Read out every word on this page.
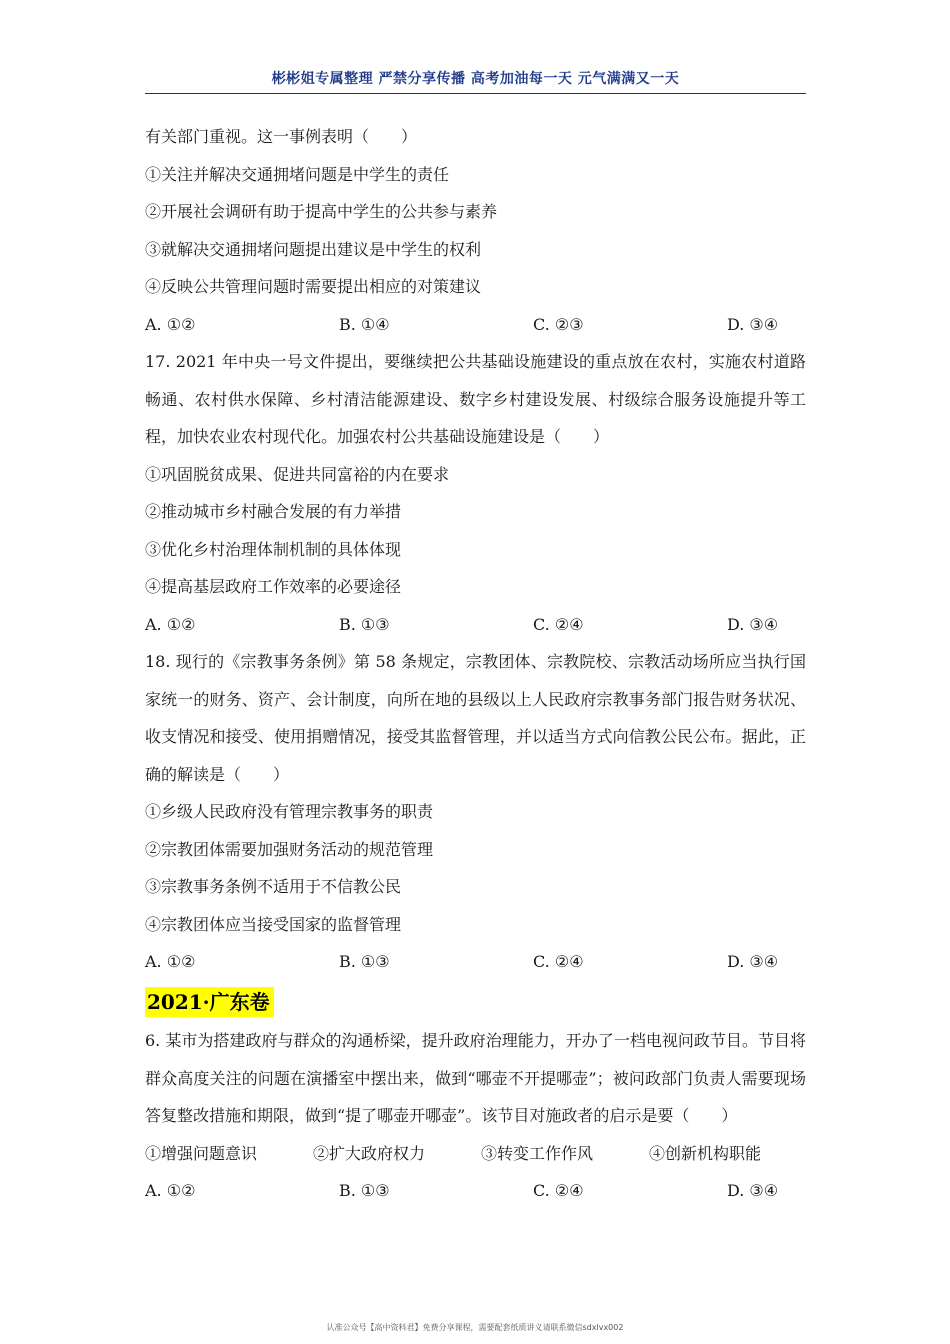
彬彬姐专属整理 严禁分享传播 高考加油每一天 元气满满又一天
有关部门重视。这一事例表明（　　）
①关注并解决交通拥堵问题是中学生的责任
②开展社会调研有助于提高中学生的公共参与素养
③就解决交通拥堵问题提出建议是中学生的权利
④反映公共管理问题时需要提出相应的对策建议
A. ①②	B. ①④	C. ②③	D. ③④
17. 2021 年中央一号文件提出，要继续把公共基础设施建设的重点放在农村，实施农村道路畅通、农村供水保障、乡村清洁能源建设、数字乡村建设发展、村级综合服务设施提升等工程，加快农业农村现代化。加强农村公共基础设施建设是（　　）
①巩固脱贫成果、促进共同富裕的内在要求
②推动城市乡村融合发展的有力举措
③优化乡村治理体制机制的具体体现
④提高基层政府工作效率的必要途径
A. ①②	B. ①③	C. ②④	D. ③④
18. 现行的《宗教事务条例》第 58 条规定，宗教团体、宗教院校、宗教活动场所应当执行国家统一的财务、资产、会计制度，向所在地的县级以上人民政府宗教事务部门报告财务状况、收支情况和接受、使用捐赠情况，接受其监督管理，并以适当方式向信教公民公布。据此，正确的解读是（　　）
①乡级人民政府没有管理宗教事务的职责
②宗教团体需要加强财务活动的规范管理
③宗教事务条例不适用于不信教公民
④宗教团体应当接受国家的监督管理
A. ①②	B. ①③	C. ②④	D. ③④
2021·广东卷
6. 某市为搭建政府与群众的沟通桥梁，提升政府治理能力，开办了一档电视问政节目。节目将群众高度关注的问题在演播室中摆出来，做到“哪壶不开提哪壶”；被问政部门负责人需要现场答复整改措施和期限，做到“提了哪壶开哪壶”。该节目对施政者的启示是要（　　）
①增强问题意识	②扩大政府权力	③转变工作作风	④创新机构职能
A. ①②	B. ①③	C. ②④	D. ③④
认准公众号【高中资料君】免费分享课程，需要配套纸质讲义请联系微信sdxlvx002
